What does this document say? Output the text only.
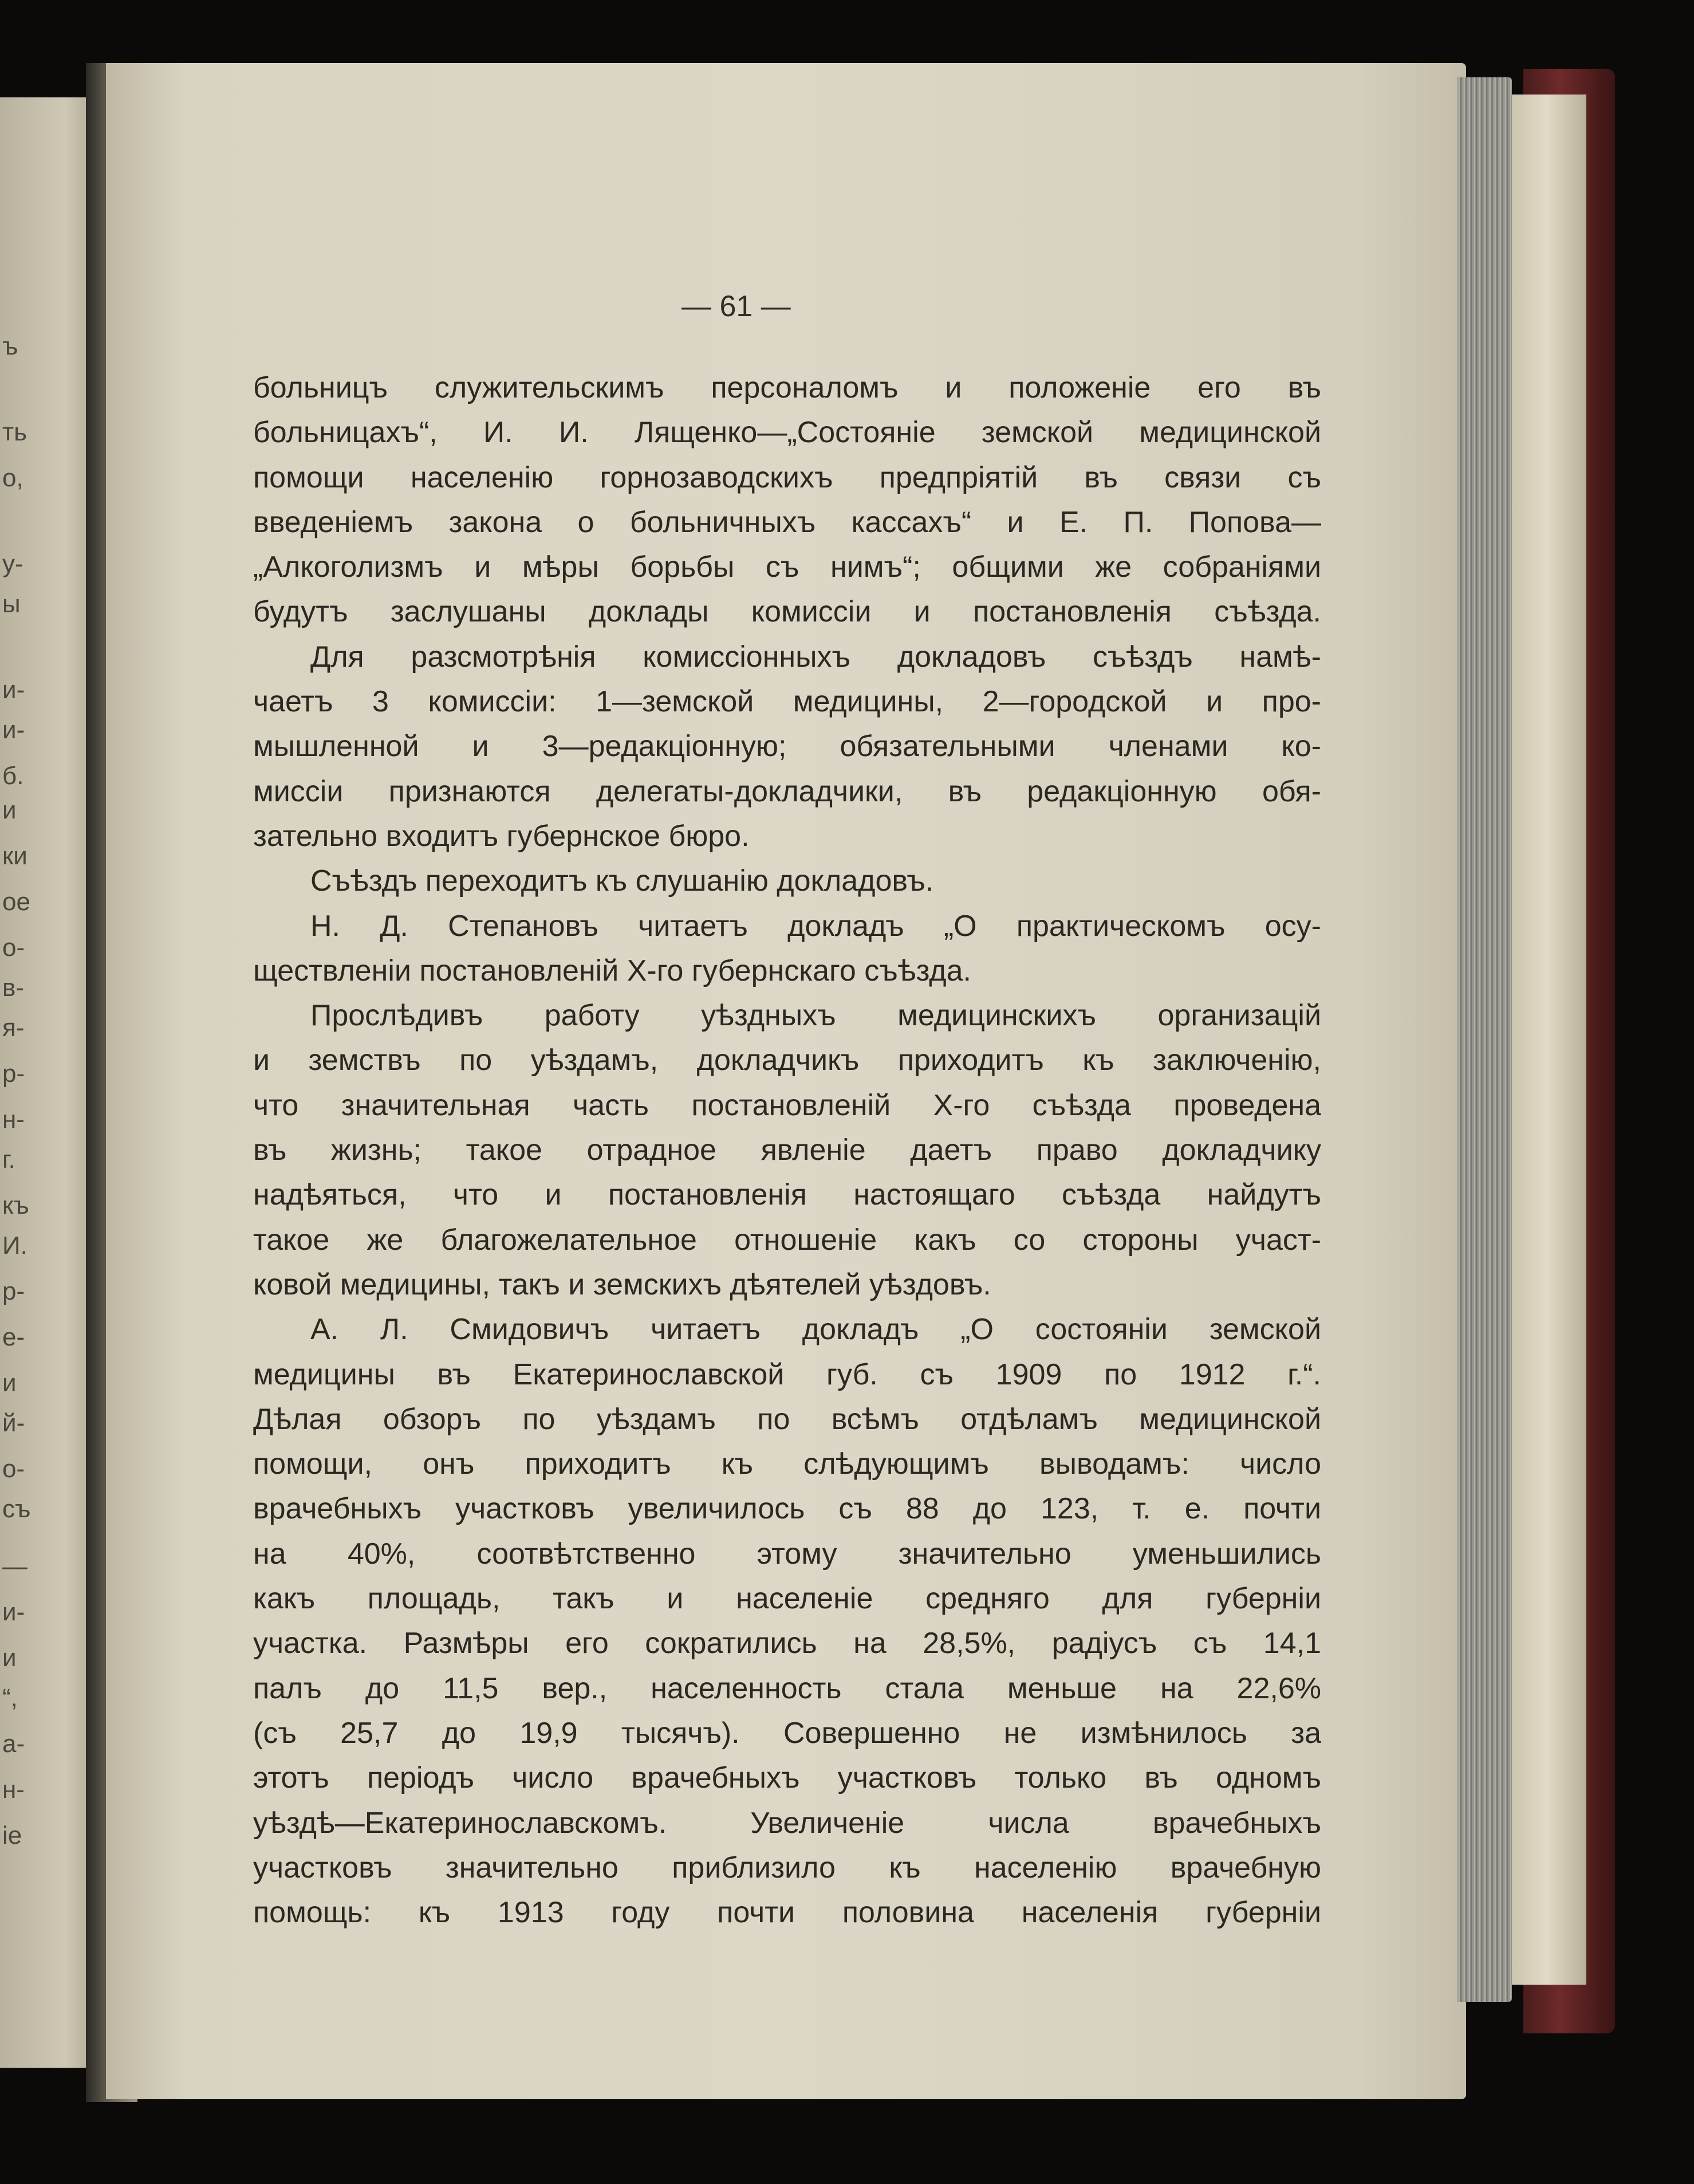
ъ
ть
о,
у-
ы
и-
и-
б.
и
ки
ое
о-
в-
я-
р-
н-
г.
къ
И.
р-
е-
и
й-
о-
съ
—
и-
и
“,
а-
н-
іе
— 61 —
больницъ служительскимъ персоналомъ и положеніе его въ
больницахъ“, И. И. Лященко—„Состояніе земской медицинской
помощи населенію горнозаводскихъ предпріятій въ связи съ
введеніемъ закона о больничныхъ кассахъ“ и Е. П. Попова—
„Алкоголизмъ и мѣры борьбы съ нимъ“; общими же собраніями
будутъ заслушаны доклады комиссіи и постановленія съѣзда.
Для разсмотрѣнія комиссіонныхъ докладовъ съѣздъ намѣ-
чаетъ 3 комиссіи: 1—земской медицины, 2—городской и про-
мышленной и 3—редакціонную; обязательными членами ко-
миссіи признаются делегаты-докладчики, въ редакціонную обя-
зательно входитъ губернское бюро.
Съѣздъ переходитъ къ слушанію докладовъ.
Н. Д. Степановъ читаетъ докладъ „О практическомъ осу-
ществленіи постановленій Х-го губернскаго съѣзда.
Прослѣдивъ работу уѣздныхъ медицинскихъ организацій
и земствъ по уѣздамъ, докладчикъ приходитъ къ заключенію,
что значительная часть постановленій Х-го съѣзда проведена
въ жизнь; такое отрадное явленіе даетъ право докладчику
надѣяться, что и постановленія настоящаго съѣзда найдутъ
такое же благожелательное отношеніе какъ со стороны участ-
ковой медицины, такъ и земскихъ дѣятелей уѣздовъ.
А. Л. Смидовичъ читаетъ докладъ „О состояніи земской
медицины въ Екатеринославской губ. съ 1909 по 1912 г.“.
Дѣлая обзоръ по уѣздамъ по всѣмъ отдѣламъ медицинской
помощи, онъ приходитъ къ слѣдующимъ выводамъ: число
врачебныхъ участковъ увеличилось съ 88 до 123, т. е. почти
на 40%, соотвѣтственно этому значительно уменьшились
какъ площадь, такъ и населеніе средняго для губерніи
участка. Размѣры его сократились на 28,5%, радіусъ съ 14,1
палъ до 11,5 вер., населенность стала меньше на 22,6%
(съ 25,7 до 19,9 тысячъ). Совершенно не измѣнилось за
этотъ періодъ число врачебныхъ участковъ только въ одномъ
уѣздѣ—Екатеринославскомъ. Увеличеніе числа врачебныхъ
участковъ значительно приблизило къ населенію врачебную
помощь: къ 1913 году почти половина населенія губерніи
